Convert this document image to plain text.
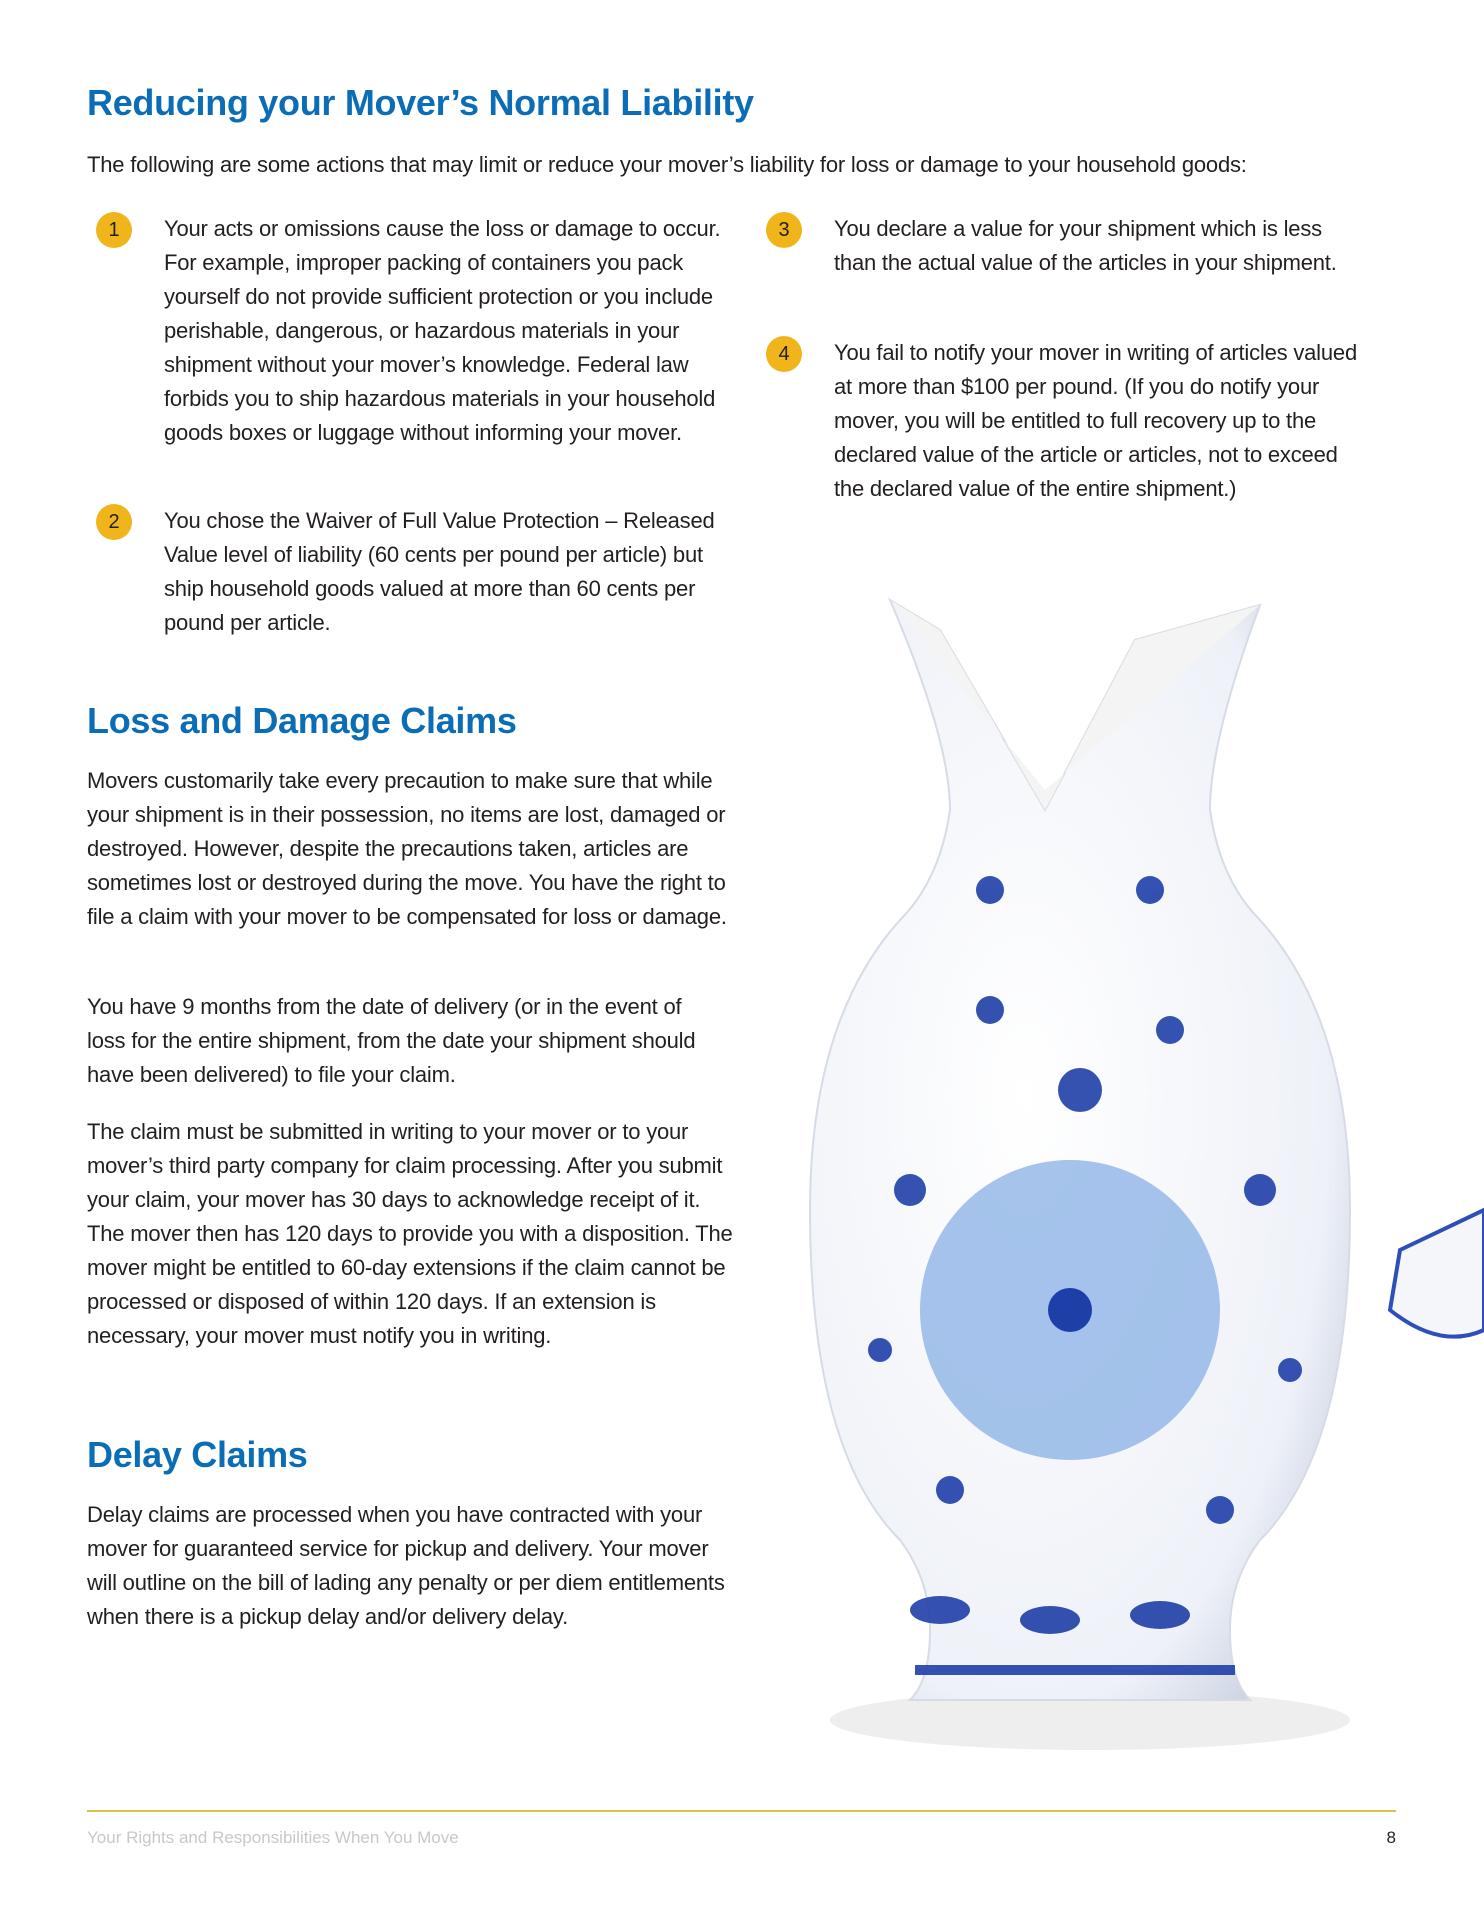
Reducing your Mover’s Normal Liability

The following are some actions that may limit or reduce your mover’s liability for loss or damage to your household goods:

1	Your acts or omissions cause the loss or damage to occur. For example, improper packing of containers you pack yourself do not provide sufficient protection or you include perishable, dangerous, or hazardous materials in your shipment without your mover’s knowledge. Federal law forbids you to ship hazardous materials in your household goods boxes or luggage without informing your mover.

2	You chose the Waiver of Full Value Protection – Released Value level of liability (60 cents per pound per article) but ship household goods valued at more than 60 cents per pound per article.

3	You declare a value for your shipment which is less than the actual value of the articles in your shipment.

4	You fail to notify your mover in writing of articles valued at more than $100 per pound. (If you do notify your mover, you will be entitled to full recovery up to the declared value of the article or articles, not to exceed the declared value of the entire shipment.)

Loss and Damage Claims

Movers customarily take every precaution to make sure that while your shipment is in their possession, no items are lost, damaged or destroyed. However, despite the precautions taken, articles are sometimes lost or destroyed during the move. You have the right to file a claim with your mover to be compensated for loss or damage.

You have 9 months from the date of delivery (or in the event of loss for the entire shipment, from the date your shipment should have been delivered) to file your claim.

The claim must be submitted in writing to your mover or to your mover’s third party company for claim processing. After you submit your claim, your mover has 30 days to acknowledge receipt of it. The mover then has 120 days to provide you with a disposition. The mover might be entitled to 60-day extensions if the claim cannot be processed or disposed of within 120 days. If an extension is necessary, your mover must notify you in writing.

Delay Claims

Delay claims are processed when you have contracted with your mover for guaranteed service for pickup and delivery. Your mover will outline on the bill of lading any penalty or per diem entitlements when there is a pickup delay and/or delivery delay.

Your Rights and Responsibilities When You Move	8
